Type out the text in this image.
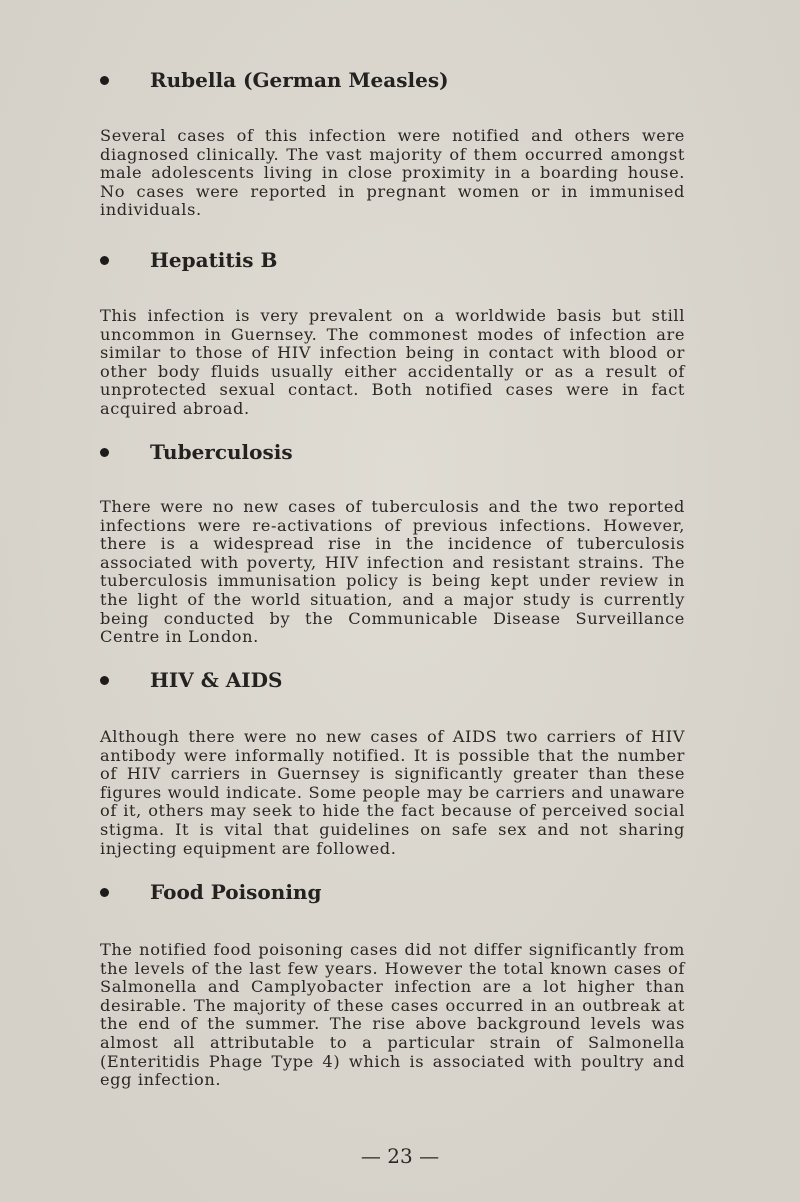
Rubella (German Measles)

Several cases of this infection were notified and others were diagnosed clinically. The vast majority of them occurred amongst male adolescents living in close proximity in a boarding house. No cases were reported in pregnant women or in immunised individuals.

Hepatitis B

This infection is very prevalent on a worldwide basis but still uncommon in Guernsey. The commonest modes of infection are similar to those of HIV infection being in contact with blood or other body fluids usually either accidentally or as a result of unprotected sexual contact. Both notified cases were in fact acquired abroad.

Tuberculosis

There were no new cases of tuberculosis and the two reported infections were re-activations of previous infections. However, there is a widespread rise in the incidence of tuberculosis associated with poverty, HIV infection and resistant strains. The tuberculosis immunisation policy is being kept under review in the light of the world situation, and a major study is currently being conducted by the Communicable Disease Surveillance Centre in London.

HIV & AIDS

Although there were no new cases of AIDS two carriers of HIV antibody were informally notified. It is possible that the number of HIV carriers in Guernsey is significantly greater than these figures would indicate. Some people may be carriers and unaware of it, others may seek to hide the fact because of perceived social stigma. It is vital that guidelines on safe sex and not sharing injecting equipment are followed.

Food Poisoning

The notified food poisoning cases did not differ significantly from the levels of the last few years. However the total known cases of Salmonella and Camplyobacter infection are a lot higher than desirable. The majority of these cases occurred in an outbreak at the end of the summer. The rise above background levels was almost all attributable to a particular strain of Salmonella (Enteritidis Phage Type 4) which is associated with poultry and egg infection.

— 23 —
